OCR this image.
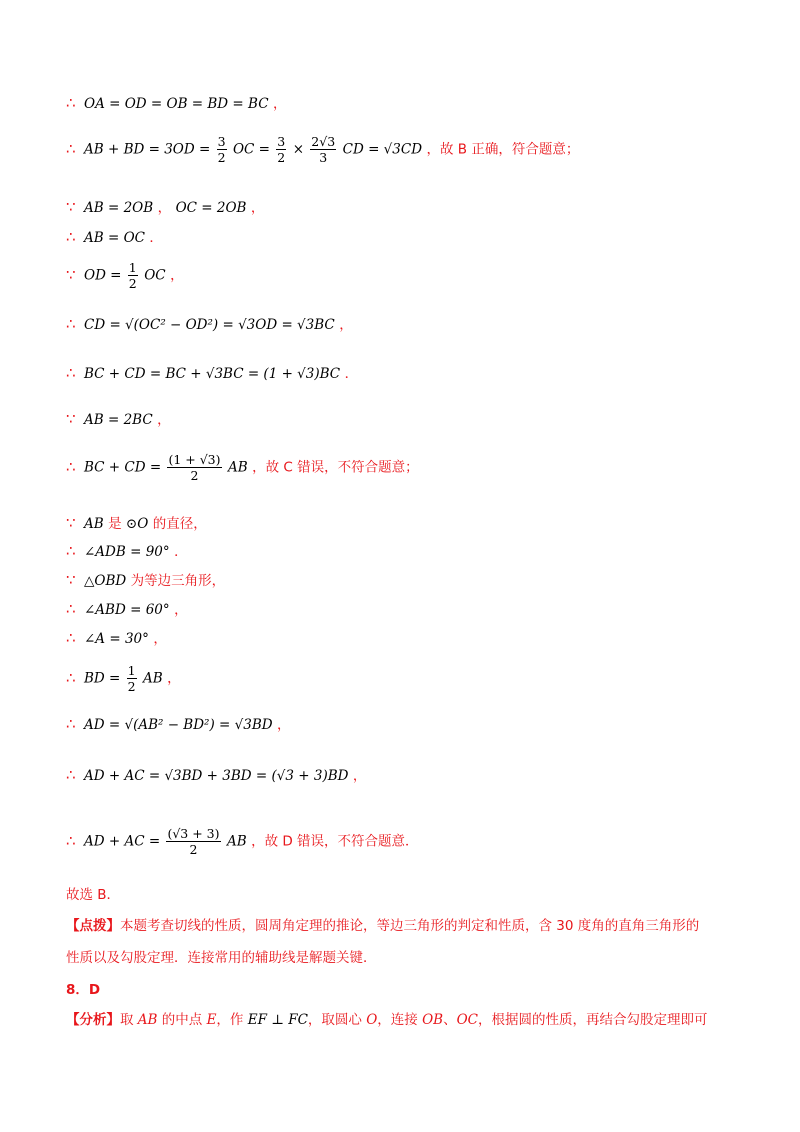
∴ OA = OD = OB = BD = BC ，
∴ AB + BD = $3OD = \frac{3}{2}$ OC = $\frac{3}{2} \times \frac{2√3}{3}$ CD = √3CD ，故 B 正确，符合题意；
∵ AB = 2OB ， OC = 2OB ，
∴ AB = OC ．
∵ OD = $\frac{1}{2}$ OC ，
∴ CD = √(OC² − OD²) = √3OD = √3BC ，
∴ BC + CD = BC + √3BC = (1 + √3)BC ．
∵ AB = 2BC ，
∴ BC + CD = $\frac{(1 + √3)}{2}$ AB ，故 C 错误，不符合题意；
∵ AB 是 ⊙O 的直径，
∴ ∠ADB = 90° ．
∵ △OBD 为等边三角形，
∴ ∠ABD = 60° ，
∴ ∠A = 30° ，
∴ BD = $\frac{1}{2}$ AB ，
∴ AD = √(AB² − BD²) = √3BD ，
∴ AD + AC = √3BD + 3BD = (√3 + 3)BD ，
∴ AD + AC = $\frac{(√3 + 3)}{2}$ AB ，故 D 错误，不符合题意．
故选 B．
【点拨】本题考查切线的性质，圆周角定理的推论，等边三角形的判定和性质，含 30 度角的直角三角形的
性质以及勾股定理．连接常用的辅助线是解题关键．
8．D
【分析】取 AB 的中点 E，作 EF ⊥ FC，取圆心 O，连接 OB、OC，根据圆的性质，再结合勾股定理即可
